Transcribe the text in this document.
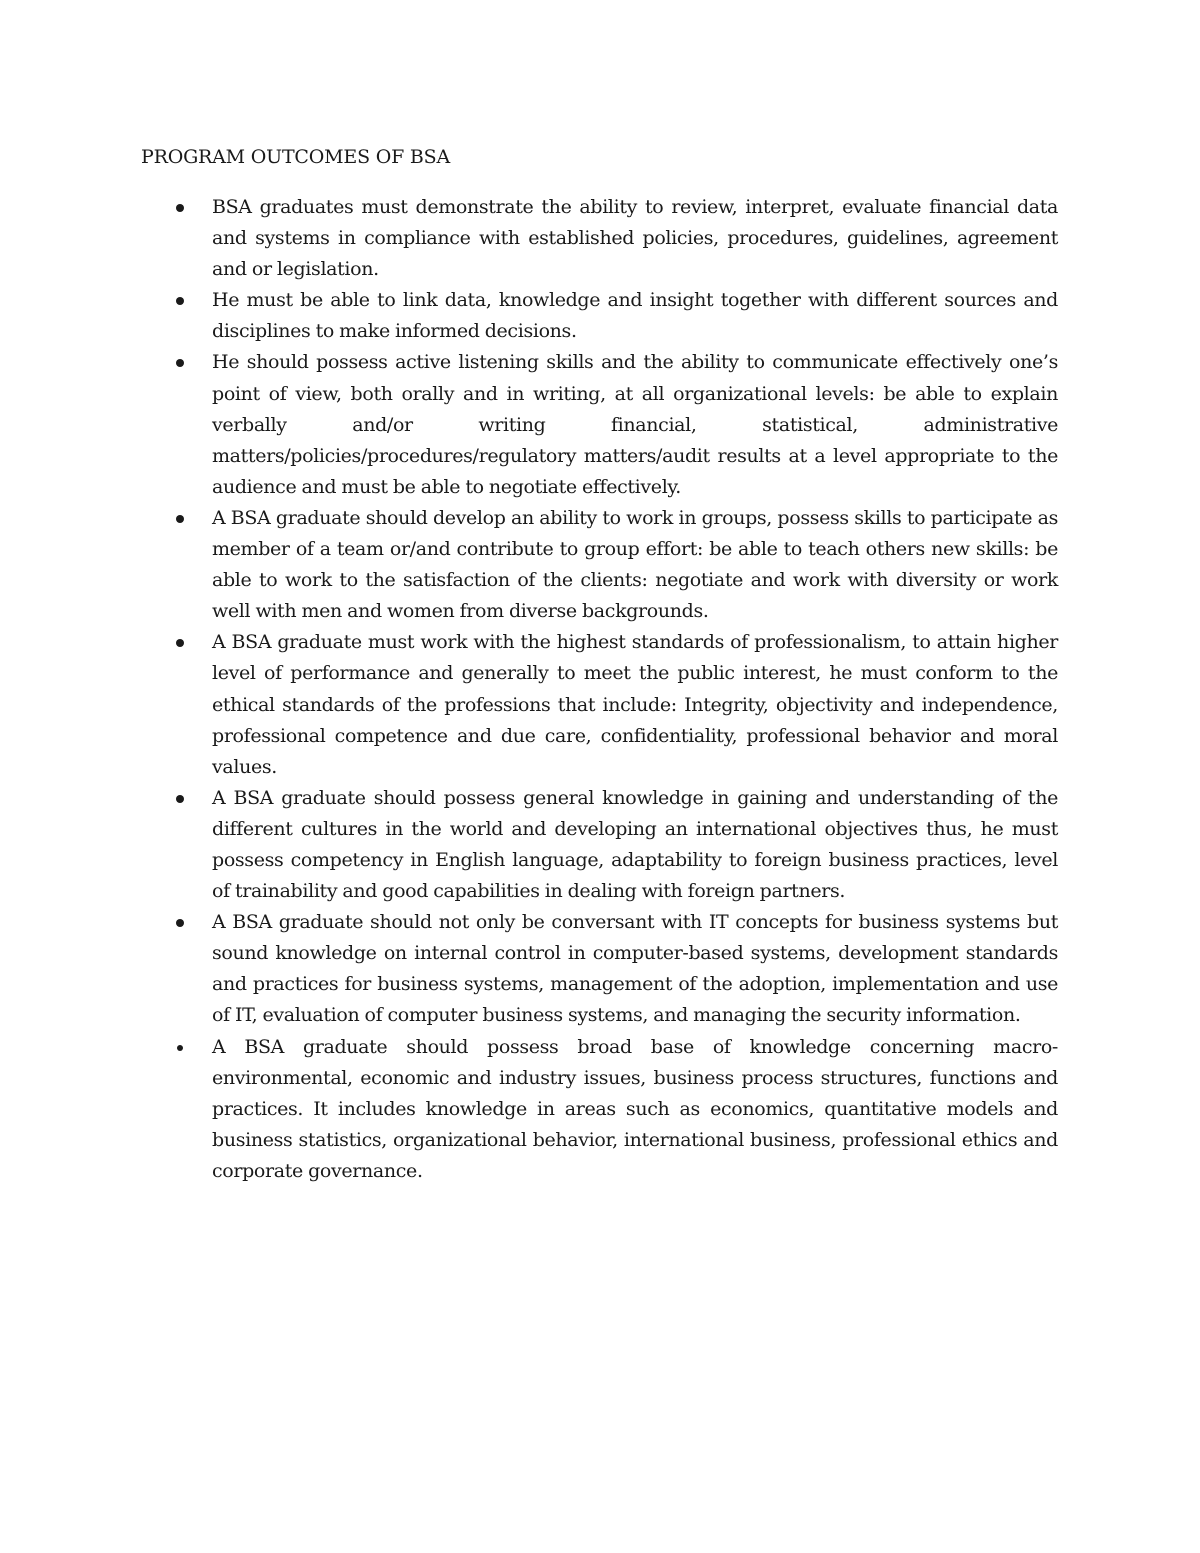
PROGRAM OUTCOMES OF BSA
BSA graduates must demonstrate the ability to review, interpret, evaluate financial data and systems in compliance with established policies, procedures, guidelines, agreement and or legislation.
He must be able to link data, knowledge and insight together with different sources and disciplines to make informed decisions.
He should possess active listening skills and the ability to communicate effectively one’s point of view, both orally and in writing, at all organizational levels: be able to explain verbally and/or writing financial, statistical, administrative matters/policies/procedures/regulatory matters/audit results at a level appropriate to the audience and must be able to negotiate effectively.
A BSA graduate should develop an ability to work in groups, possess skills to participate as member of a team or/and contribute to group effort: be able to teach others new skills: be able to work to the satisfaction of the clients: negotiate and work with diversity or work well with men and women from diverse backgrounds.
A BSA graduate must work with the highest standards of professionalism, to attain higher level of performance and generally to meet the public interest, he must conform to the ethical standards of the professions that include: Integrity, objectivity and independence, professional competence and due care, confidentiality, professional behavior and moral values.
A BSA graduate should possess general knowledge in gaining and understanding of the different cultures in the world and developing an international objectives thus, he must possess competency in English language, adaptability to foreign business practices, level of trainability and good capabilities in dealing with foreign partners.
A BSA graduate should not only be conversant with IT concepts for business systems but sound knowledge on internal control in computer-based systems, development standards and practices for business systems, management of the adoption, implementation and use of IT, evaluation of computer business systems, and managing the security information.
A BSA graduate should possess broad base of knowledge concerning macro-environmental, economic and industry issues, business process structures, functions and practices. It includes knowledge in areas such as economics, quantitative models and business statistics, organizational behavior, international business, professional ethics and corporate governance.
